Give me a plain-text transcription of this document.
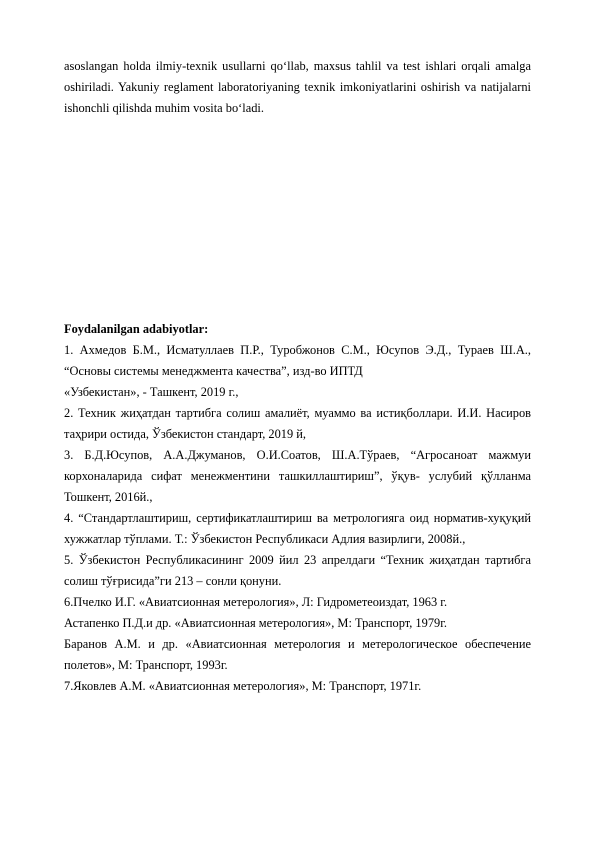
asoslangan holda ilmiy-texnik usullarni qo‘llab, maxsus tahlil va test ishlari orqali amalga oshiriladi. Yakuniy reglament laboratoriyaning texnik imkoniyatlarini oshirish va natijalarni ishonchli qilishda muhim vosita bo‘ladi.

Foydalanilgan adabiyotlar:

1. Ахмедов Б.М., Исматуллаев П.Р., Туробжонов С.М., Юсупов Э.Д., Тураев Ш.А., “Основы системы менеджмента качества”, изд-во ИПТД

«Узбекистан», - Ташкент, 2019 г.,

2. Техник жиҳатдан тартибга солиш амалиёт, муаммо ва истиқболлари. И.И. Насиров таҳрири остида, Ўзбекистон стандарт, 2019 й,

3. Б.Д.Юсупов, А.А.Джуманов, О.И.Соатов, Ш.А.Тўраев, “Агросаноат мажмуи корхоналарида сифат менежментини ташкиллаштириш”, ўқув- услубий қўлланма Тошкент, 2016й.,

4. “Стандартлаштириш, сертификатлаштириш ва метрологияга оид норматив-хуқуқий хужжатлар тўплами. Т.: Ўзбекистон Республикаси Адлия вазирлиги, 2008й.,

5. Ўзбекистон Республикасининг 2009 йил 23 апрелдаги “Техник жиҳатдан тартибга солиш тўғрисида”ги 213 – сонли қонуни.

6.Пчелко И.Г. «Авиатсионная метерология», Л: Гидрометеоиздат, 1963 г.

Астапенко П.Д.и др. «Авиатсионная метерология», М: Транспорт, 1979г.

Баранов А.М. и др. «Авиатсионная метерология и метерологическое обеспечение полетов», М: Транспорт, 1993г.

7.Яковлев А.М. «Авиатсионная метерология», М: Транспорт, 1971г.
